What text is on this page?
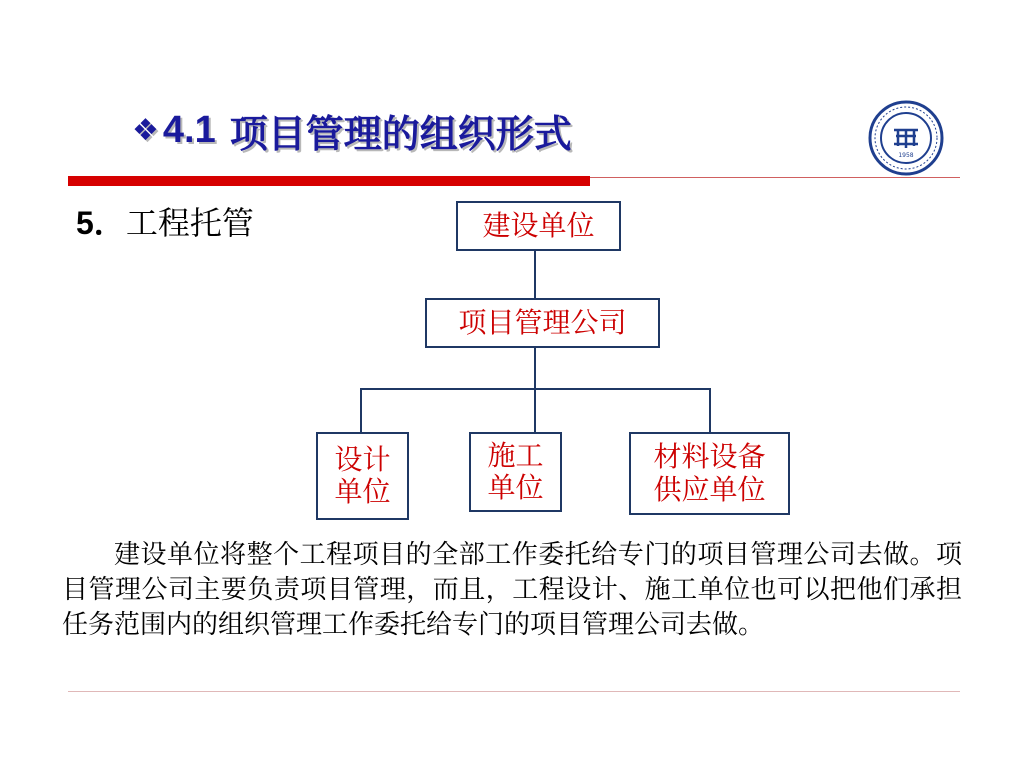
❖ 4.1 项目管理的组织形式	1958
5．工程托管	建设单位
项目管理公司
设计
单位
施工
单位
材料设备
供应单位

建设单位将整个工程项目的全部工作委托给专门的项目管理公司去做。项目管理公司主要负责项目管理，而且，工程设计、施工单位也可以把他们承担任务范围内的组织管理工作委托给专门的项目管理公司去做。
